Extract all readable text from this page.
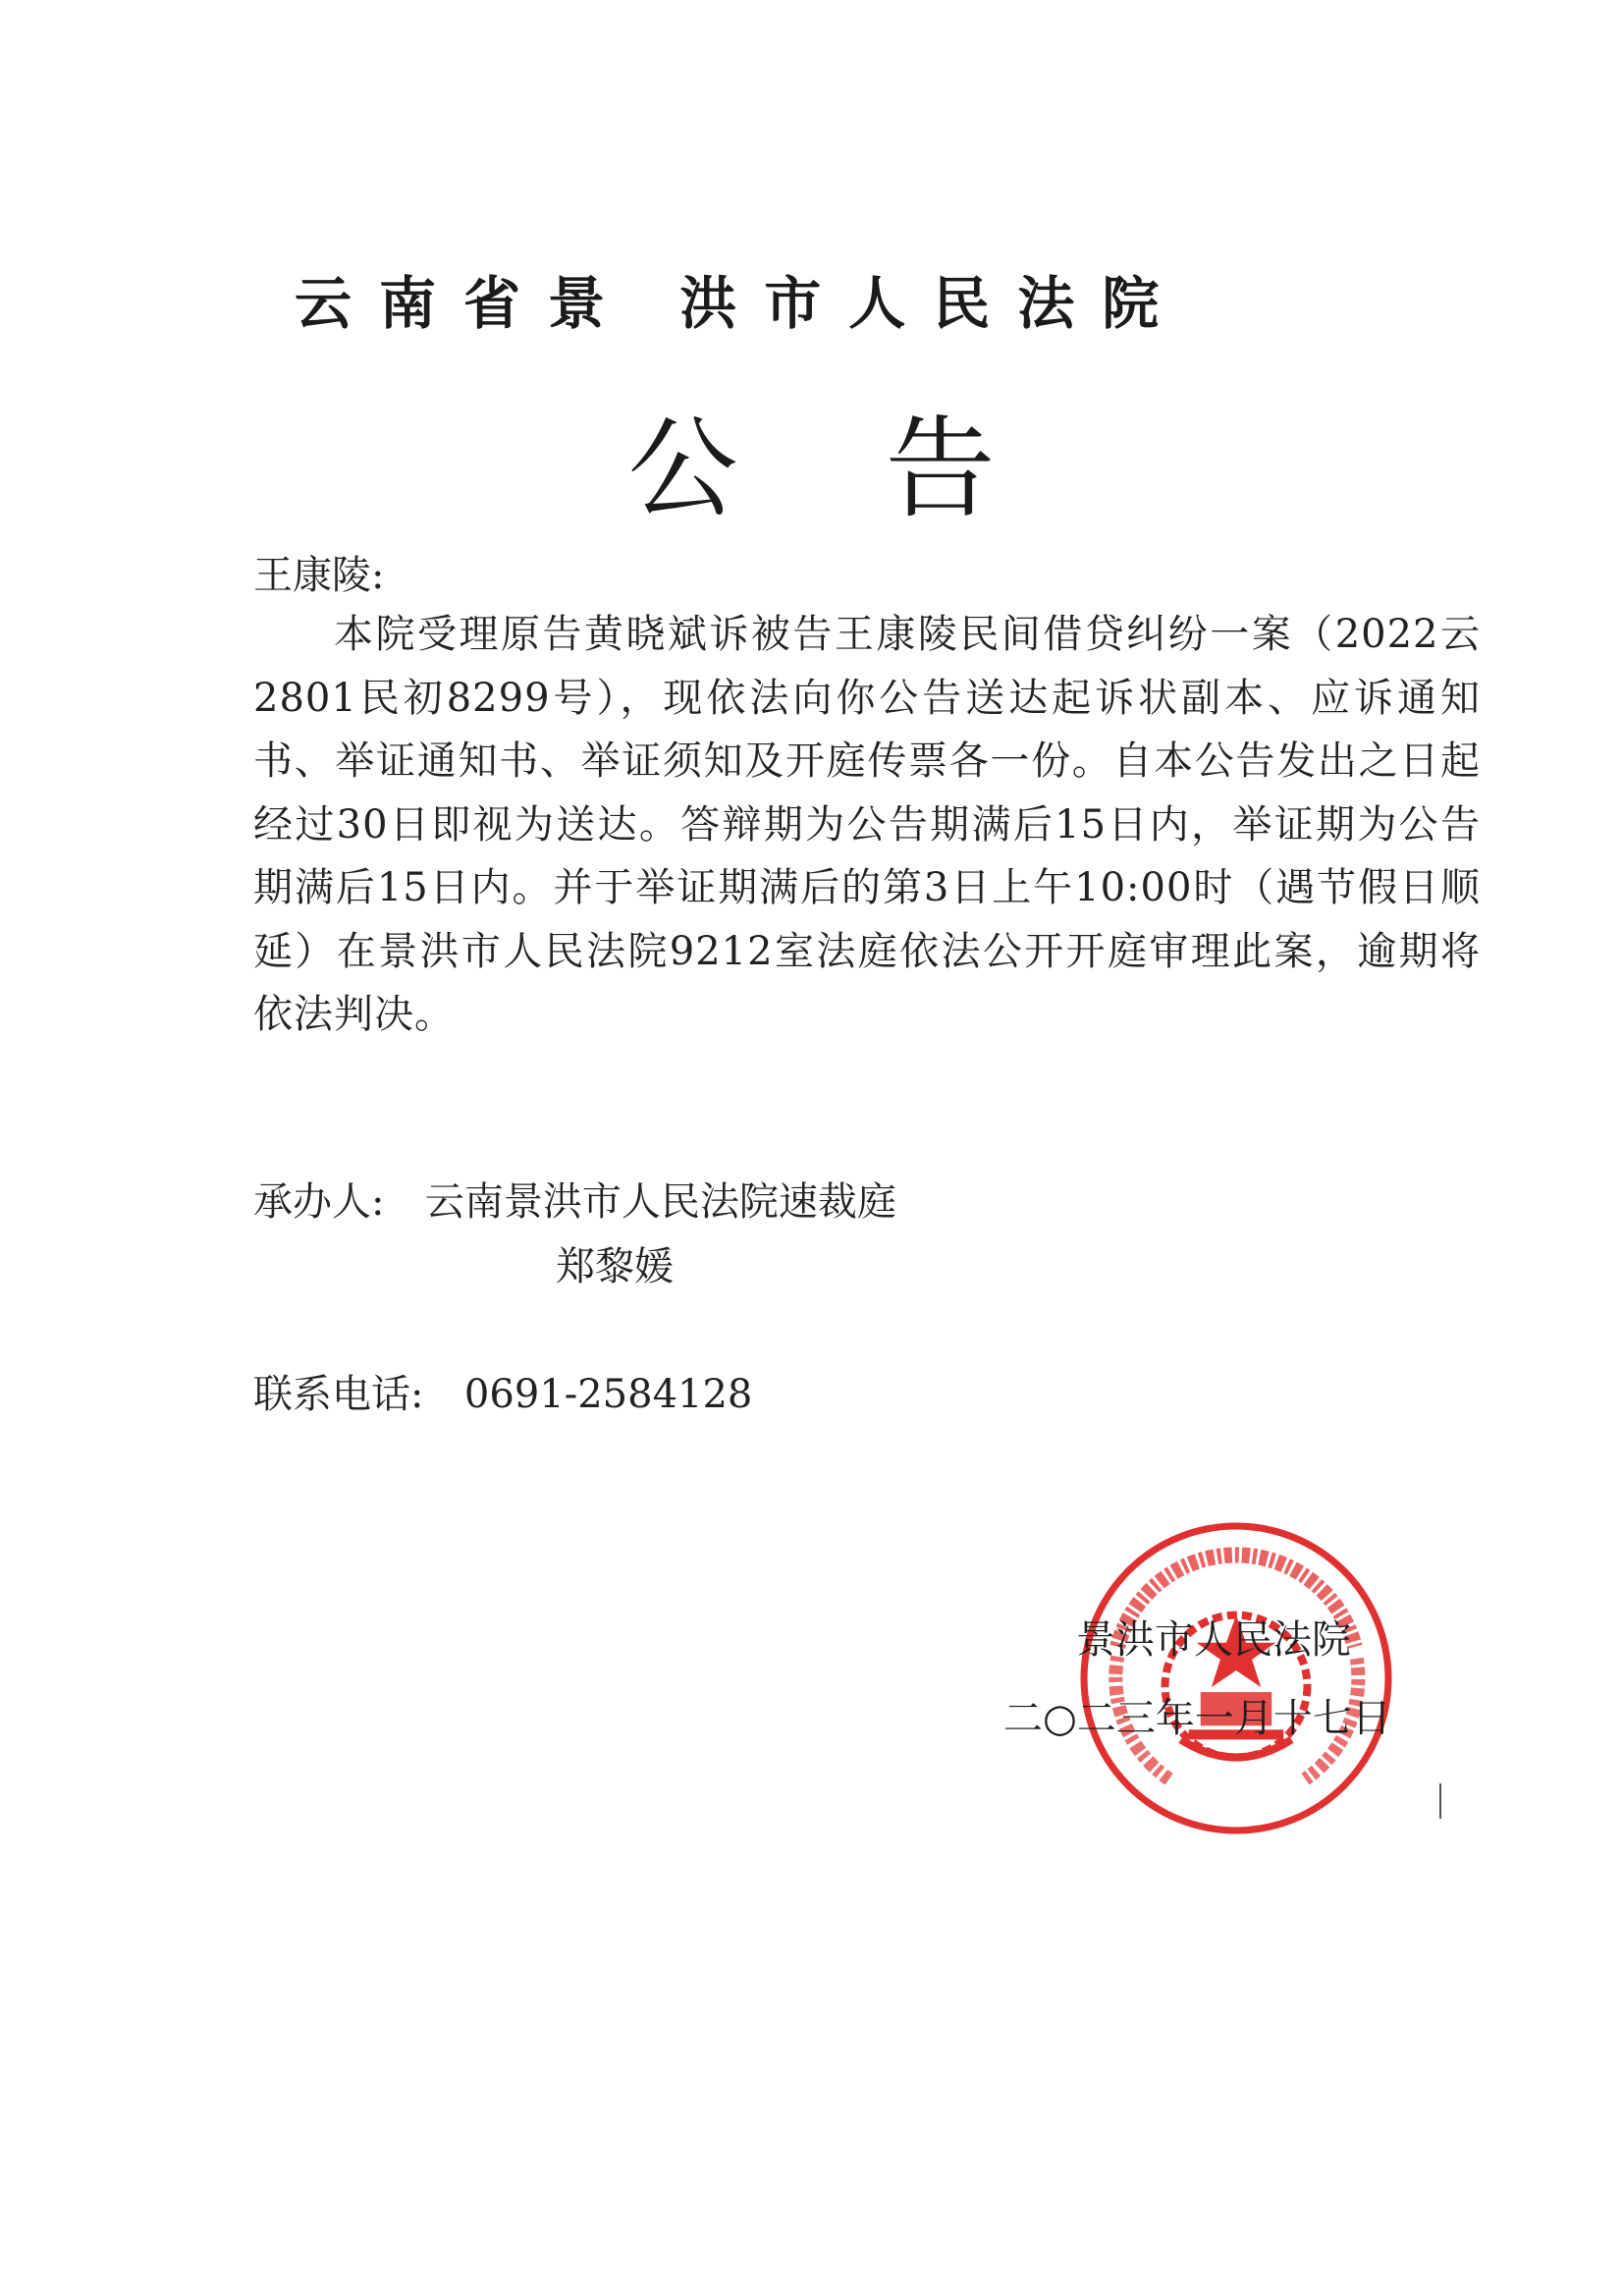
云南省景 洪市人民法院
公告
王康陵:

本院受理原告黄晓斌诉被告王康陵民间借贷纠纷一案（2022云2801民初8299号），现依法向你公告送达起诉状副本、应诉通知书、举证通知书、举证须知及开庭传票各一份。自本公告发出之日起经过30日即视为送达。答辩期为公告期满后15日内，举证期为公告期满后15日内。并于举证期满后的第3日上午10:00时（遇节假日顺延）在景洪市人民法院9212室法庭依法公开开庭审理此案，逾期将依法判决。

承办人: 云南景洪市人民法院速裁庭
郑黎媛
联系电话: 0691-2584128
景洪市人民法院
二○二三年一月十七日
